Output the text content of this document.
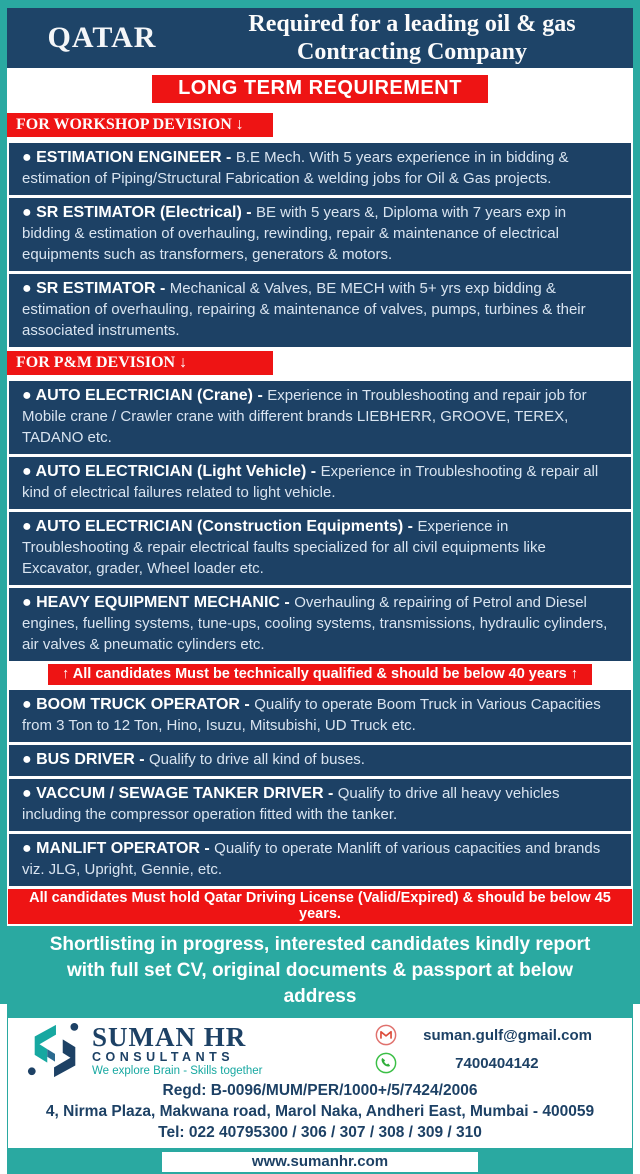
QATAR	Required for a leading oil & gas
Contracting Company
LONG TERM REQUIREMENT
FOR WORKSHOP DEVISION ↓
● ESTIMATION ENGINEER - B.E Mech. With 5 years experience in in bidding & estimation of Piping/Structural Fabrication & welding jobs for Oil & Gas projects.
● SR ESTIMATOR (Electrical) - BE with 5 years &, Diploma with 7 years exp in bidding & estimation of overhauling, rewinding, repair & maintenance of electrical equipments such as transformers, generators & motors.
● SR ESTIMATOR - Mechanical & Valves, BE MECH with 5+ yrs exp bidding & estimation of overhauling, repairing & maintenance of valves, pumps, turbines & their associated instruments.
FOR P&M DEVISION ↓
● AUTO ELECTRICIAN (Crane) - Experience in Troubleshooting and repair job for Mobile crane / Crawler crane with different brands LIEBHERR, GROOVE, TEREX, TADANO etc.
● AUTO ELECTRICIAN (Light Vehicle) - Experience in Troubleshooting & repair all kind of electrical failures related to light vehicle.
● AUTO ELECTRICIAN (Construction Equipments) - Experience in Troubleshooting & repair electrical faults specialized for all civil equipments like Excavator, grader, Wheel loader etc.
● HEAVY EQUIPMENT MECHANIC - Overhauling & repairing of Petrol and Diesel engines, fuelling systems, tune-ups, cooling systems, transmissions, hydraulic cylinders, air valves & pneumatic cylinders etc.
↑ All candidates Must be technically qualified & should be below 40 years ↑
● BOOM TRUCK OPERATOR - Qualify to operate Boom Truck in Various Capacities from 3 Ton to 12 Ton, Hino, Isuzu, Mitsubishi, UD Truck etc.
● BUS DRIVER - Qualify to drive all kind of buses.
● VACCUM / SEWAGE TANKER DRIVER - Qualify to drive all heavy vehicles including the compressor operation fitted with the tanker.
● MANLIFT OPERATOR - Qualify to operate Manlift of various capacities and brands viz. JLG, Upright, Gennie, etc.
All candidates Must hold Qatar Driving License (Valid/Expired) & should be below 45 years.
Shortlisting in progress, interested candidates kindly report with full set CV, original documents & passport at below address
SUMAN HR
CONSULTANTS
We explore Brain - Skills together
suman.gulf@gmail.com
7400404142
Regd: B-0096/MUM/PER/1000+/5/7424/2006
4, Nirma Plaza, Makwana road, Marol Naka, Andheri East, Mumbai - 400059
Tel: 022 40795300 / 306 / 307 / 308 / 309 / 310
www.sumanhr.com
